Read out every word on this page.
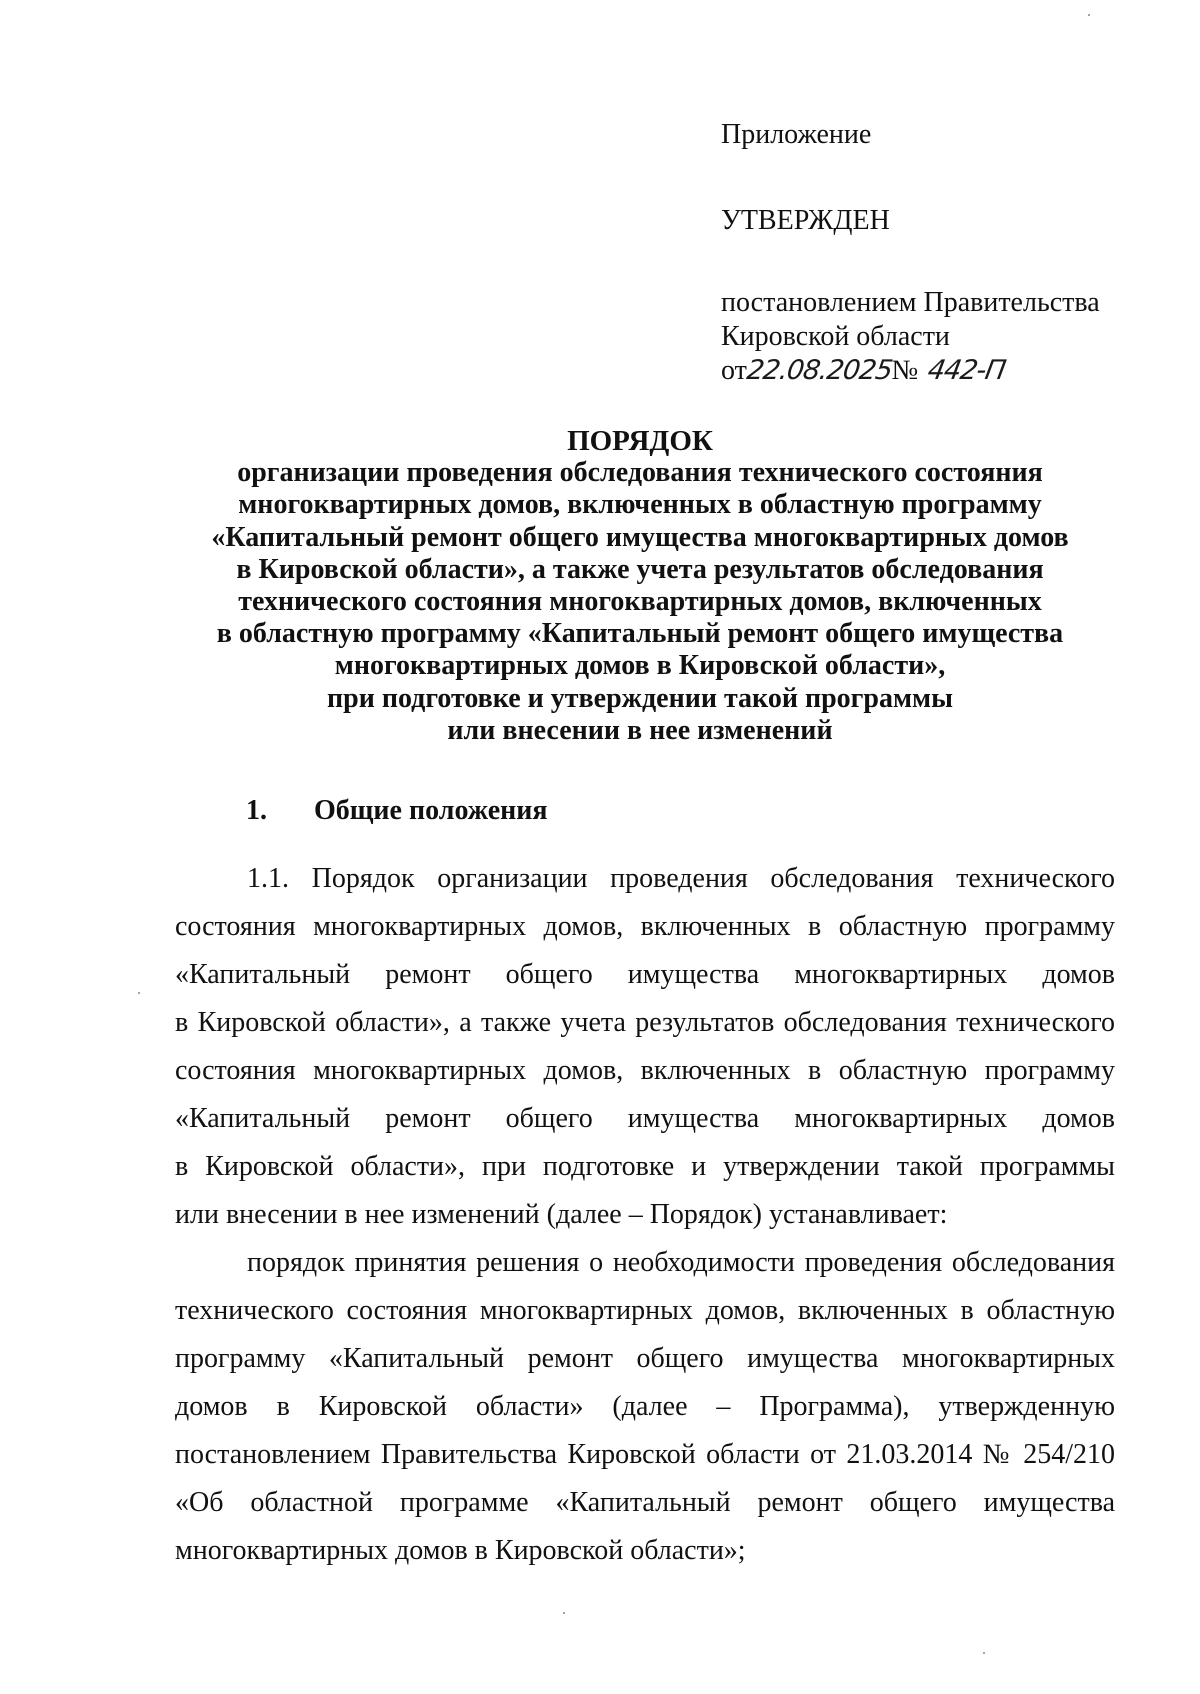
Приложение
УТВЕРЖДЕН
постановлением Правительства
Кировской области
от22.08.2025№ 442-П
ПОРЯДОК
организации проведения обследования технического состояния
многоквартирных домов, включенных в областную программу
«Капитальный ремонт общего имущества многоквартирных домов
в Кировской области», а также учета результатов обследования
технического состояния многоквартирных домов, включенных
в областную программу «Капитальный ремонт общего имущества
многоквартирных домов в Кировской области»,
при подготовке и утверждении такой программы
или внесении в нее изменений
1. Общие положения
1.1. Порядок организации проведения обследования технического
состояния многоквартирных домов, включенных в областную программу
«Капитальный ремонт общего имущества многоквартирных домов
в Кировской области», а также учета результатов обследования технического
состояния многоквартирных домов, включенных в областную программу
«Капитальный ремонт общего имущества многоквартирных домов
в Кировской области», при подготовке и утверждении такой программы
или внесении в нее изменений (далее – Порядок) устанавливает:
порядок принятия решения о необходимости проведения обследования
технического состояния многоквартирных домов, включенных в областную
программу «Капитальный ремонт общего имущества многоквартирных
домов в Кировской области» (далее – Программа), утвержденную
постановлением Правительства Кировской области от 21.03.2014 № 254/210
«Об областной программе «Капитальный ремонт общего имущества
многоквартирных домов в Кировской области»;
